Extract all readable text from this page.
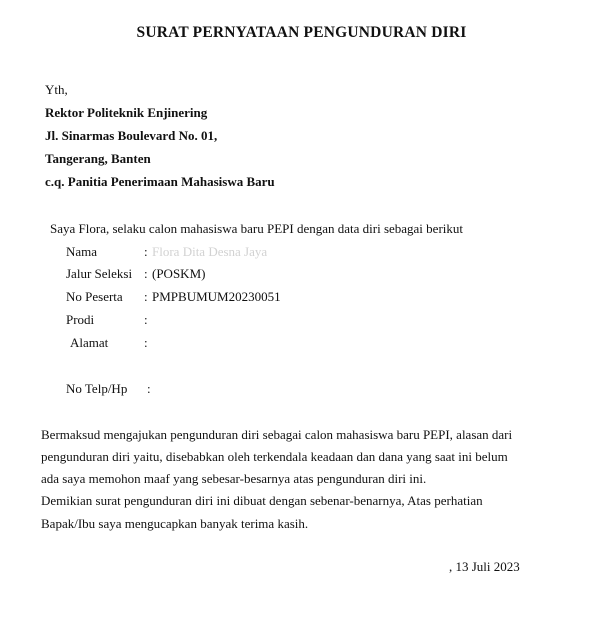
SURAT PERNYATAAN PENGUNDURAN DIRI
Yth,
Rektor Politeknik Enjinering
Jl. Sinarmas Boulevard No. 01,
Tangerang, Banten
c.q. Panitia Penerimaan Mahasiswa Baru
Saya Flora, selaku calon mahasiswa baru PEPI dengan data diri sebagai berikut
Nama	: Flora Dita Desna Jaya
Jalur Seleksi : (POSKM)
No Peserta : PMPBUMUM20230051
Prodi	:
Alamat	:
No Telp/Hp :
Bermaksud mengajukan pengunduran diri sebagai calon mahasiswa baru PEPI, alasan dari
pengunduran diri yaitu, disebabkan oleh terkendala keadaan dan dana yang saat ini belum
ada saya memohon maaf yang sebesar-besarnya atas pengunduran diri ini.
Demikian surat pengunduran diri ini dibuat dengan sebenar-benarnya, Atas perhatian
Bapak/Ibu saya mengucapkan banyak terima kasih.
, 13 Juli 2023
